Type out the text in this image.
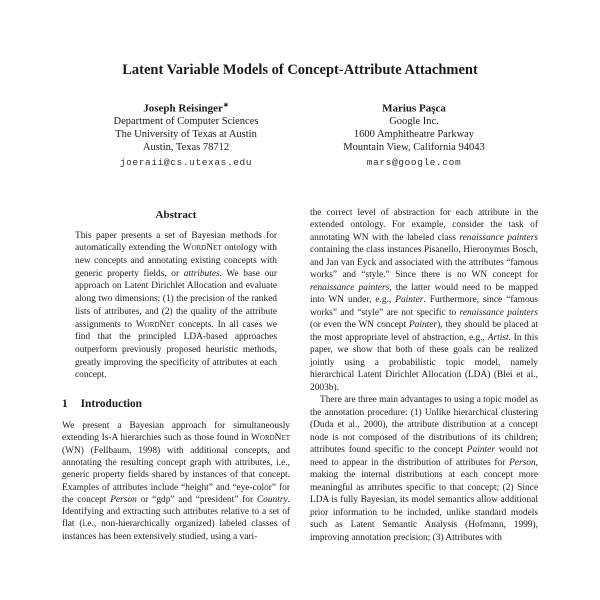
Latent Variable Models of Concept-Attribute Attachment
Joseph Reisinger∗
Department of Computer Sciences
The University of Texas at Austin
Austin, Texas 78712
joeraii@cs.utexas.edu
Marius Paşca
Google Inc.
1600 Amphitheatre Parkway
Mountain View, California 94043
mars@google.com
Abstract

This paper presents a set of Bayesian methods for automatically extending the WordNet ontology with new concepts and annotating existing concepts with generic property fields, or attributes. We base our approach on Latent Dirichlet Allocation and evaluate along two dimensions: (1) the precision of the ranked lists of attributes, and (2) the quality of the attribute assignments to WordNet concepts. In all cases we find that the principled LDA-based approaches outperform previously proposed heuristic methods, greatly improving the specificity of attributes at each concept.

1 Introduction

We present a Bayesian approach for simultaneously extending Is-A hierarchies such as those found in WordNet (WN) (Fellbaum, 1998) with additional concepts, and annotating the resulting concept graph with attributes, i.e., generic property fields shared by instances of that concept. Examples of attributes include “height” and “eye-color” for the concept Person or “gdp” and “president” for Country. Identifying and extracting such attributes relative to a set of flat (i.e., non-hierarchically organized) labeled classes of instances has been extensively studied, using a vari-

the correct level of abstraction for each attribute in the extended ontology. For example, consider the task of annotating WN with the labeled class renaissance painters containing the class instances Pisanello, Hieronymus Bosch, and Jan van Eyck and associated with the attributes “famous works” and “style.” Since there is no WN concept for renaissance painters, the latter would need to be mapped into WN under, e.g., Painter. Furthermore, since “famous works” and “style” are not specific to renaissance painters (or even the WN concept Painter), they should be placed at the most appropriate level of abstraction, e.g., Artist. In this paper, we show that both of these goals can be realized jointly using a probabilistic topic model, namely hierarchical Latent Dirichlet Allocation (LDA) (Blei et al., 2003b).

There are three main advantages to using a topic model as the annotation procedure: (1) Unlike hierarchical clustering (Duda et al., 2000), the attribute distribution at a concept node is not composed of the distributions of its children; attributes found specific to the concept Painter would not need to appear in the distribution of attributes for Person, making the internal distributions at each concept more meaningful as attributes specific to that concept; (2) Since LDA is fully Bayesian, its model semantics allow additional prior information to be included, unlike standard models such as Latent Semantic Analysis (Hofmann, 1999), improving annotation precision; (3) Attributes with
